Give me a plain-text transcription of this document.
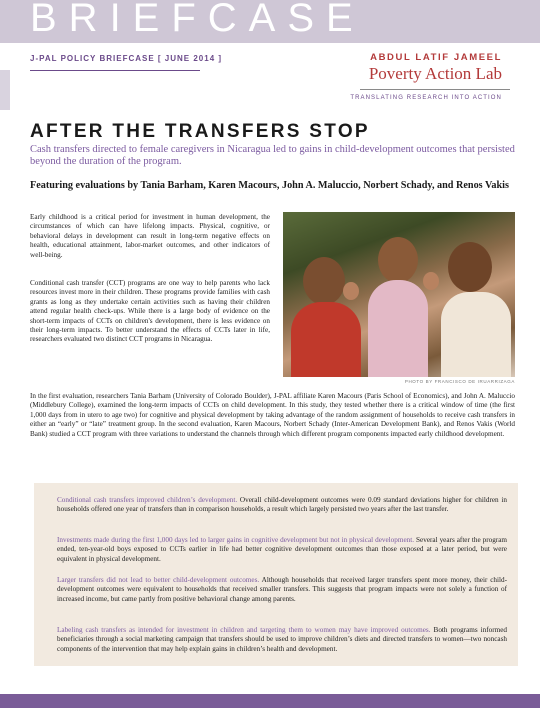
BRIEFCASE
J-PAL POLICY BRIEFCASE [ JUNE 2014 ]	ABDUL LATIF JAMEEL
Poverty Action Lab
TRANSLATING RESEARCH INTO ACTION
AFTER THE TRANSFERS STOP

Cash transfers directed to female caregivers in Nicaragua led to gains in child-development outcomes that persisted beyond the duration of the program.

Featuring evaluations by Tania Barham, Karen Macours, John A. Maluccio, Norbert Schady, and Renos Vakis

Early childhood is a critical period for investment in human development, the circumstances of which can have lifelong impacts. Physical, cognitive, or behavioral delays in development can result in long-term negative effects on health, educational attainment, labor-market outcomes, and other indicators of well-being.

Conditional cash transfer (CCT) programs are one way to help parents who lack resources invest more in their children. These programs provide families with cash grants as long as they undertake certain activities such as having their children attend regular health check-ups. While there is a large body of evidence on the short-term impacts of CCTs on children's development, there is less evidence on their long-term impacts. To better understand the effects of CCTs later in life, researchers evaluated two distinct CCT programs in Nicaragua.

PHOTO BY FRANCISCO DE IRUARRIZAGA

In the first evaluation, researchers Tania Barham (University of Colorado Boulder), J-PAL affiliate Karen Macours (Paris School of Economics), and John A. Maluccio (Middlebury College), examined the long-term impacts of CCTs on child development. In this study, they tested whether there is a critical window of time (the first 1,000 days from in utero to age two) for cognitive and physical development by taking advantage of the random assignment of households to receive cash transfers in either an “early” or “late” treatment group. In the second evaluation, Karen Macours, Norbert Schady (Inter-American Development Bank), and Renos Vakis (World Bank) studied a CCT program with three variations to understand the channels through which different program components impacted early childhood development.

Conditional cash transfers improved children’s development. Overall child-development outcomes were 0.09 standard deviations higher for children in households offered one year of transfers than in comparison households, a result which largely persisted two years after the last transfer.

Investments made during the first 1,000 days led to larger gains in cognitive development but not in physical development. Several years after the program ended, ten-year-old boys exposed to CCTs earlier in life had better cognitive development outcomes than those exposed at a later period, but were equivalent in physical development.

Larger transfers did not lead to better child-development outcomes. Although households that received larger transfers spent more money, their child-development outcomes were equivalent to households that received smaller transfers. This suggests that program impacts were not solely a function of increased income, but came partly from positive behavioral change among parents.

Labeling cash transfers as intended for investment in children and targeting them to women may have improved outcomes. Both programs informed beneficiaries through a social marketing campaign that transfers should be used to improve children’s diets and directed transfers to women—two noncash components of the intervention that may help explain gains in children’s health and development.
